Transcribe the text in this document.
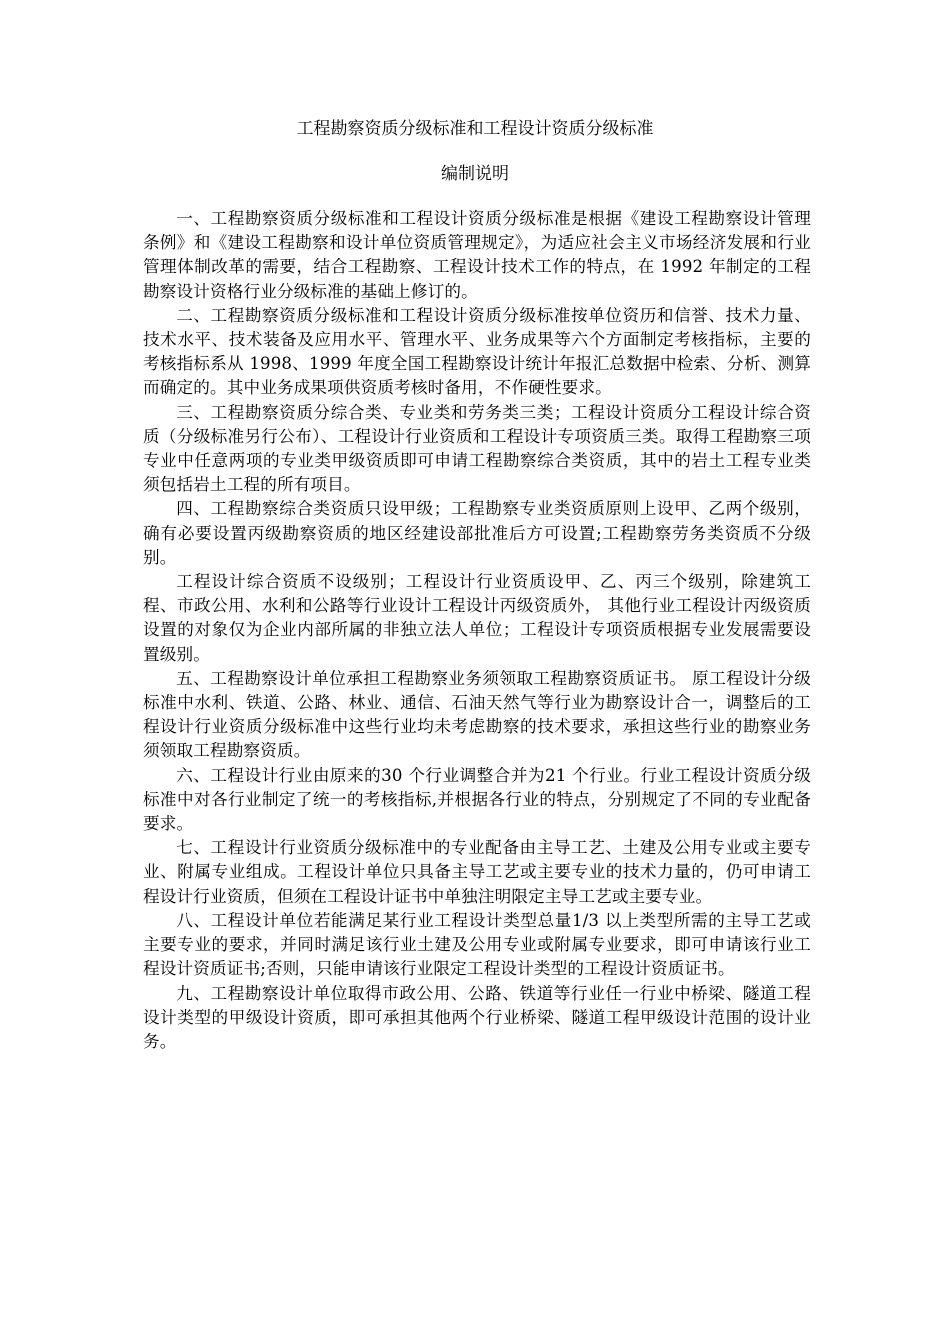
工程勘察资质分级标准和工程设计资质分级标准
编制说明

一、工程勘察资质分级标准和工程设计资质分级标准是根据《建设工程勘察设计管理条例》和《建设工程勘察和设计单位资质管理规定》，为适应社会主义市场经济发展和行业管理体制改革的需要，结合工程勘察、工程设计技术工作的特点，在 1992 年制定的工程勘察设计资格行业分级标准的基础上修订的。

二、工程勘察资质分级标准和工程设计资质分级标准按单位资历和信誉、技术力量、技术水平、技术装备及应用水平、管理水平、业务成果等六个方面制定考核指标，主要的考核指标系从 1998、1999 年度全国工程勘察设计统计年报汇总数据中检索、分析、测算而确定的。其中业务成果项供资质考核时备用，不作硬性要求。

三、工程勘察资质分综合类、专业类和劳务类三类；工程设计资质分工程设计综合资质（分级标准另行公布）、工程设计行业资质和工程设计专项资质三类。取得工程勘察三项专业中任意两项的专业类甲级资质即可申请工程勘察综合类资质，其中的岩土工程专业类须包括岩土工程的所有项目。

四、工程勘察综合类资质只设甲级；工程勘察专业类资质原则上设甲、乙两个级别，确有必要设置丙级勘察资质的地区经建设部批准后方可设置;工程勘察劳务类资质不分级别。

工程设计综合资质不设级别；工程设计行业资质设甲、乙、丙三个级别，除建筑工程、市政公用、水利和公路等行业设计工程设计丙级资质外， 其他行业工程设计丙级资质设置的对象仅为企业内部所属的非独立法人单位；工程设计专项资质根据专业发展需要设置级别。

五、工程勘察设计单位承担工程勘察业务须领取工程勘察资质证书。 原工程设计分级标准中水利、铁道、公路、林业、通信、石油天然气等行业为勘察设计合一，调整后的工程设计行业资质分级标准中这些行业均未考虑勘察的技术要求，承担这些行业的勘察业务须领取工程勘察资质。

六、工程设计行业由原来的30 个行业调整合并为21 个行业。行业工程设计资质分级标准中对各行业制定了统一的考核指标,并根据各行业的特点，分别规定了不同的专业配备要求。

七、工程设计行业资质分级标准中的专业配备由主导工艺、土建及公用专业或主要专业、附属专业组成。工程设计单位只具备主导工艺或主要专业的技术力量的，仍可申请工程设计行业资质，但须在工程设计证书中单独注明限定主导工艺或主要专业。

八、工程设计单位若能满足某行业工程设计类型总量1/3 以上类型所需的主导工艺或主要专业的要求，并同时满足该行业土建及公用专业或附属专业要求，即可申请该行业工程设计资质证书;否则，只能申请该行业限定工程设计类型的工程设计资质证书。

九、工程勘察设计单位取得市政公用、公路、铁道等行业任一行业中桥梁、隧道工程设计类型的甲级设计资质，即可承担其他两个行业桥梁、隧道工程甲级设计范围的设计业务。
